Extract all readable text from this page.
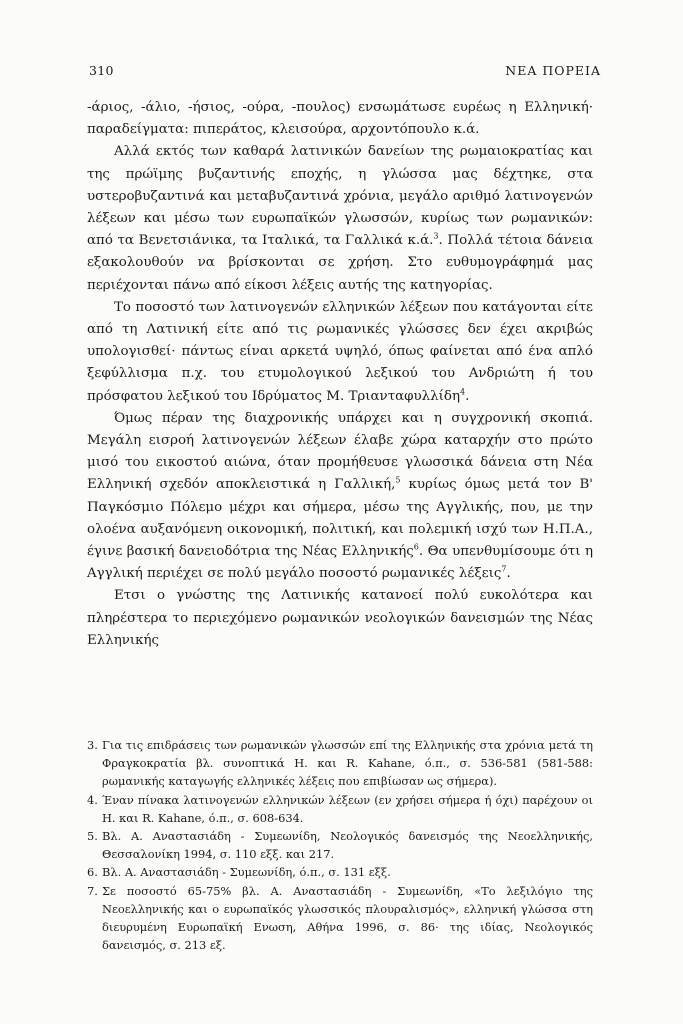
310	ΝΕΑ ΠΟΡΕΙΑ

-άριος, -άλιο, -ήσιος, -ούρα, -πουλος) ενσωμάτωσε ευρέως η Ελληνική· παραδείγματα: πιπεράτος, κλεισούρα, αρχοντόπουλο κ.ά.

Αλλά εκτός των καθαρά λατινικών δανείων της ρωμαιοκρατίας και της πρώϊμης βυζαντινής εποχής, η γλώσσα μας δέχτηκε, στα υστεροβυζαντινά και μεταβυζαντινά χρόνια, μεγάλο αριθμό λατινογενών λέξεων και μέσω των ευρωπαϊκών γλωσσών, κυρίως των ρωμανικών: από τα Βενετσιάνικα, τα Ιταλικά, τα Γαλλικά κ.ά.$^3$. Πολλά τέτοια δάνεια εξακολουθούν να βρίσκονται σε χρήση. Στο ευθυμογράφημά μας περιέχονται πάνω από είκοσι λέξεις αυτής της κατηγορίας.

Το ποσοστό των λατινογενών ελληνικών λέξεων που κατάγονται είτε από τη Λατινική είτε από τις ρωμανικές γλώσσες δεν έχει ακριβώς υπολογισθεί· πάντως είναι αρκετά υψηλό, όπως φαίνεται από ένα απλό ξεφύλλισμα π.χ. του ετυμολογικού λεξικού του Ανδριώτη ή του πρόσφατου λεξικού του Ιδρύματος Μ. Τριανταφυλλίδη$^4$.

Όμως πέραν της διαχρονικής υπάρχει και η συγχρονική σκοπιά. Μεγάλη εισροή λατινογενών λέξεων έλαβε χώρα καταρχήν στο πρώτο μισό του εικοστού αιώνα, όταν προμήθευσε γλωσσικά δάνεια στη Νέα Ελληνική σχεδόν αποκλειστικά η Γαλλική,$^5$ κυρίως όμως μετά τον Β' Παγκόσμιο Πόλεμο μέχρι και σήμερα, μέσω της Αγγλικής, που, με την ολοένα αυξανόμενη οικονομική, πολιτική, και πολεμική ισχύ των Η.Π.Α., έγινε βασική δανειοδότρια της Νέας Ελληνικής$^6$. Θα υπενθυμίσουμε ότι η Αγγλική περιέχει σε πολύ μεγάλο ποσοστό ρωμανικές λέξεις$^7$.

Ετσι ο γνώστης της Λατινικής κατανοεί πολύ ευκολότερα και πληρέστερα το περιεχόμενο ρωμανικών νεολογικών δανεισμών της Νέας Ελληνικής

3. Για τις επιδράσεις των ρωμανικών γλωσσών επί της Ελληνικής στα χρόνια μετά τη Φραγκοκρατία βλ. συνοπτικά Η. και R. Kahane, ό.π., σ. 536-581 (581-588: ρωμανικής καταγωγής ελληνικές λέξεις που επιβίωσαν ως σήμερα).
4. Έναν πίνακα λατινογενών ελληνικών λέξεων (εν χρήσει σήμερα ή όχι) παρέχουν οι Η. και R. Kahane, ό.π., σ. 608-634.
5. Βλ. Α. Αναστασιάδη - Συμεωνίδη, Νεολογικός δανεισμός της Νεοελληνικής, Θεσσαλονίκη 1994, σ. 110 εξξ. και 217.
6. Βλ. Α. Αναστασιάδη - Συμεωνίδη, ό.π., σ. 131 εξξ.
7. Σε ποσοστό 65-75% βλ. Α. Αναστασιάδη - Συμεωνίδη, «Το λεξιλόγιο της Νεοελληνικής και ο ευρωπαϊκός γλωσσικός πλουραλισμός», ελληνική γλώσσα στη διευρυμένη Ευρωπαϊκή Ενωση, Αθήνα 1996, σ. 86· της ιδίας, Νεολογικός δανεισμός, σ. 213 εξ.
